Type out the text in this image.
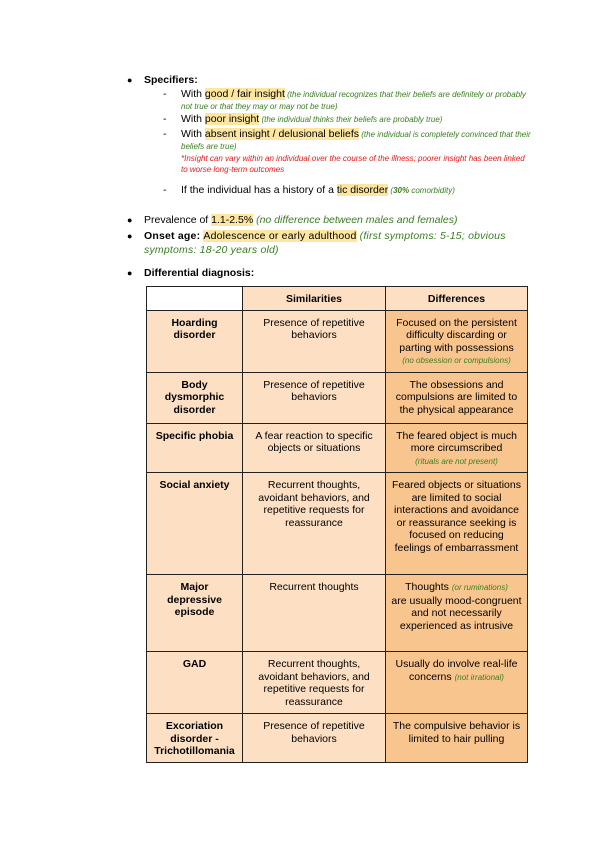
● Specifiers:
- With good / fair insight (the individual recognizes that their beliefs are definitely or probably not true or that they may or may not be true)
- With poor insight (the individual thinks their beliefs are probably true)
- With absent insight / delusional beliefs (the individual is completely convinced that their beliefs are true)
*Insight can vary within an individual over the course of the illness; poorer insight has been linked to worse long-term outcomes
- If the individual has a history of a tic disorder (30% comorbidity)
● Prevalence of 1.1-2.5% (no difference between males and females)
● Onset age: Adolescence or early adulthood (first symptoms: 5-15; obvious
symptoms: 18-20 years old)
● Differential diagnosis:
	Similarities	Differences
Hoarding disorder	Presence of repetitive behaviors	Focused on the persistent difficulty discarding or parting with possessions
(no obsession or compulsions)
Body dysmorphic disorder	Presence of repetitive behaviors	The obsessions and compulsions are limited to the physical appearance
Specific phobia	A fear reaction to specific objects or situations	The feared object is much more circumscribed
(rituals are not present)
Social anxiety	Recurrent thoughts, avoidant behaviors, and repetitive requests for reassurance	Feared objects or situations are limited to social interactions and avoidance or reassurance seeking is focused on reducing feelings of embarrassment
Major depressive episode	Recurrent thoughts	Thoughts (or ruminations)
are usually mood-congruent and not necessarily experienced as intrusive
GAD	Recurrent thoughts, avoidant behaviors, and repetitive requests for reassurance	Usually do involve real-life concerns (not irrational)
Excoriation disorder - Trichotillomania	Presence of repetitive behaviors	The compulsive behavior is limited to hair pulling
